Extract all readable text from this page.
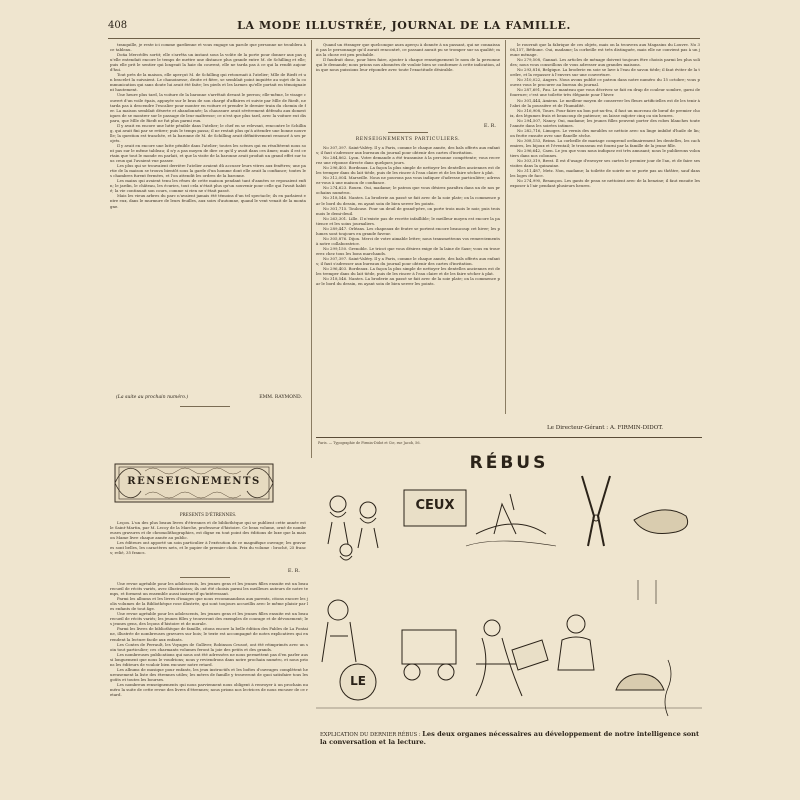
408	LA MODE ILLUSTRÉE, JOURNAL DE LA FAMILLE.

tranquille, je reste ici comme gardienne et vous engage un parole que personne ne troublera à ce tableau.

Doña Mercédès sortit; elle s'arrêta un instant sous la voûte de la porte pour donner aux pas qu'elle entendait encore le temps de mettre une distance plus grande entre M. de Schilling et elle; puis elle prit le sentier qui longeait la haie du couvent, elle ne tarda pas à ce qui la rendit aujourd'hui.

Tout près de la maison, elle aperçut M. de Schilling qui retournait à l'atelier; Mlle de Riedt et un bracelet la suivaient. Le chanoinesse, droite et fière, se semblait point inquiète au sujet de la communication qui sans doute lui avait été faite; les pieds et les larmes qu'elle portait en témoignaient hautement.

Une heure plus tard, la voiture de la baronne s'arrêtait devant le perron; elle-même, le visage couvert d'un voile épais, appuyée sur le bras de son chargé d'affaires et suivie par Mlle de Riedt, ne tarda pas à descendre l'escalier pour monter en voiture et prendre le dernier train du chemin de fer. La maison semblait déserte et abandonnée; la chaussure avait sévèrement défendu aux domestiques de se montrer sur le passage de leur maîtresse; ce n'est que plus tard, avec la voiture eut disparu, que Mlle de Riedt ne fut plus parmi eux.

Il y avait en encore une lutte pénible dans l'atelier; le chef en se relevant, rencontre le Schilling, qui avait fini par se retirer; puis le temps passa; il ne restait plus qu'à attendre une bonne nouvelle; la question est tranchée, et la baronne de M. de Schilling avait définitivement renoncé à ses projets.

Il y avait en encore une lutte pénible dans l'atelier; toutes les scènes qui en résultèrent nous sont pas sur le même tableau; il n'y a pas moyen de dire ce qu'il y avait dans ces âmes; mais il est certain que tout le monde en parlait, et que la visite de la baronne avait produit un grand effet sur tous ceux qui l'avaient vue passer.

Les plus qui se trouvaient derrière l'atelier avaient dû accuser leurs vitres aux fenêtres; une partie de la maison se trouva bientôt sous la garde d'un homme dont elle avait la confiance; toutes les chambres furent fermées, et l'on attendit les ordres de la baronne.

Les mains qui avaient tenu les rênes de cette maison pendant tant d'années se reposaient enfin; le jardin, le château, les écuries, tout cela n'était plus qu'un souvenir pour celle qui l'avait habité; la vie continuait son cours, comme si rien ne s'était passé.

Mais les vieux arbres du parc n'avaient jamais été témoins d'un tel spectacle; ils en parlaient entre eux, dans le murmure de leurs feuilles, aux soirs d'automne, quand le vent venait de la montagne.

(La suite au prochain numéro.)	EMM. RAYMOND.
RENSEIGNEMENTS
PRESENTS D'ÉTRENNES.

Leçon. L'un des plus beaux livres d'étrennes et de bibliothèque qui se publient cette année est le Saint-Martin, par M. Lecoy de la Marche, professeur d'histoire. Ce beau volume, orné de nombreuses gravures et de chromolithographies, est digne en tout point des éditions de luxe que la maison Mame livre chaque année au public.

Les éditeurs ont apporté un soin particulier à l'exécution de ce magnifique ouvrage; les gravures sont belles, les caractères nets, et le papier de premier choix. Prix du volume : broché, 25 francs; relié, 35 francs.

E. R.

Une revue agréable pour les adolescents, les jeunes gens et les jeunes filles ensuite est un beau recueil de récits variés, avec illustrations; ils ont été choisis parmi les meilleurs auteurs de notre temps, et forment un ensemble aussi instructif qu'intéressant.

Parmi les albums et les livres d'images que nous recommandons aux parents, citons encore les jolis volumes de la Bibliothèque rose illustrée, qui sont toujours accueillis avec le même plaisir par les enfants de tout âge.

Une revue agréable pour les adolescents, les jeunes gens et les jeunes filles ensuite est un beau recueil de récits variés; les jeunes filles y trouveront des exemples de courage et de dévouement; les jeunes gens, des leçons d'histoire et de morale.

Parmi les livres de bibliothèque de famille, citons encore la belle édition des Fables de La Fontaine, illustrée de nombreuses gravures sur bois; le texte est accompagné de notes explicatives qui en rendent la lecture facile aux enfants.

Les Contes de Perrault, les Voyages de Gulliver, Robinson Crusoé, ont été réimprimés avec un soin tout particulier; ces charmants volumes feront la joie des petits et des grands.

Les nombreuses publications qui nous ont été adressées ne nous permettent pas d'en parler aussi longuement que nous le voudrions; nous y reviendrons dans notre prochain numéro, et nous prions les éditeurs de vouloir bien excuser notre retard.

Les albums de musique pour enfants, les jeux instructifs et les boîtes d'ouvrages complètent heureusement la liste des étrennes utiles; les mères de famille y trouveront de quoi satisfaire tous les goûts et toutes les bourses.

Les nombreux renseignements qui nous parviennent nous obligent à renvoyer à un prochain numéro la suite de cette revue des livres d'étrennes; nous prions nos lectrices de nous excuser de ce retard.

Quand un étranger que quelconque aura aperçu à donnée à un passant, qui ne connaissait pas le personnage qu'il aurait rencontré, ce passant aurait pu se tromper sur sa qualité; mais la chose est peu probable.

Il faudrait donc, pour bien faire, ajouter à chaque renseignement le nom de la personne qui le demande; nous prions nos abonnées de vouloir bien se conformer à cette indication, afin que nous puissions leur répondre avec toute l'exactitude désirable.

E. R.
RENSEIGNEMENTS PARTICULIERS.

No 307,397. Saint-Valéry. Il y a Paris, comme le chaque année, des bals offerts aux enfants; il faut s'adresser aux bureaux du journal pour obtenir des cartes d'invitation.

No 284,862. Lyon. Votre demande a été transmise à la personne compétente; vous recevrez une réponse directe dans quelques jours.

No 296,403. Bordeaux. La façon la plus simple de nettoyer les dentelles anciennes est de les tremper dans du lait tiède, puis de les rincer à l'eau claire et de les faire sécher à plat.

No 312,004. Marseille. Nous ne pouvons pas vous indiquer d'adresse particulière; adressez-vous à une maison de confiance.

No 274,623. Rouen. Oui, madame; le patron que vous désirez paraîtra dans un de nos prochains numéros.

No 318,546. Nantes. La broderie au passé se fait avec de la soie plate; on la commence par le bord du dessin, en ayant soin de bien serrer les points.

No 301,715. Toulouse. Pour un deuil de grand-père, on porte trois mois le noir, puis trois mois le demi-deuil.

No 263,301. Lille. Il n'existe pas de recette infaillible; le meilleur moyen est encore la patience et les soins journaliers.

No 289,447. Orléans. Les chapeaux de feutre se portent encore beaucoup cet hiver; les plumes sont toujours en grande faveur.

No 305,876. Dijon. Merci de votre aimable lettre; nous transmettrons vos remerciements à notre collaboratrice.

No 299,150. Grenoble. Le tricot que vous désirez exige de la laine de Saxe; vous en trouverez chez tous les bons marchands.

No 307,397. Saint-Valéry. Il y a Paris, comme le chaque année, des bals offerts aux enfants; il faut s'adresser aux bureaux du journal pour obtenir des cartes d'invitation.

No 296,403. Bordeaux. La façon la plus simple de nettoyer les dentelles anciennes est de les tremper dans du lait tiède, puis de les rincer à l'eau claire et de les faire sécher à plat.

No 318,546. Nantes. La broderie au passé se fait avec de la soie plate; on la commence par le bord du dessin, en ayant soin de bien serrer les points.

le rouvrait que la fabrique de ces objets, mais on la trouvera aux Magasins du Louvre. No 306,157, Béthune. Oui, madame; la corbeille est très distinguée, mais elle ne convient pas à un jeune ménage.

No 279,508, Gannat. Les articles de ménage doivent toujours être choisis parmi les plus solides; nous vous conseillons de vous adresser aux grandes maisons.

No 293,816, Belgique. La broderie en soie se lave à l'eau de savon tiède; il faut éviter de la tordre, et la repasser à l'envers sur une couverture.

No 310,022, Angers. Nous avons publié ce patron dans notre numéro du 15 octobre; vous pouvez vous le procurer au bureau du journal.

No 287,691, Pau. Le manteau que vous décrivez se fait en drap de couleur sombre, garni de fourrure; c'est une toilette très élégante pour l'hiver.

No 301,444, Amiens. Le meilleur moyen de conserver les fleurs artificielles est de les tenir à l'abri de la poussière et de l'humidité.

No 316,908, Tours. Pour faire un bon pot-au-feu, il faut un morceau de bœuf de premier choix, des légumes frais et beaucoup de patience; on laisse mijoter cinq ou six heures.

No 294,507, Nancy. Oui, madame; les jeunes filles peuvent porter des robes blanches toute l'année dans les soirées intimes.

No 282,716, Limoges. Le vernis des meubles se nettoie avec un linge imbibé d'huile de lin; on frotte ensuite avec une flanelle sèche.

No 308,153, Reims. La corbeille de mariage comprend ordinairement les dentelles, les cachemires, les bijoux et l'éventail; le trousseau est fourni par la famille de la jeune fille.

No 296,642, Caen. Le jeu que vous nous indiquez est très amusant; nous le publierons volontiers dans nos colonnes.

No 303,319, Brest. Il est d'usage d'envoyer ses cartes le premier jour de l'an, et de faire ses visites dans la quinzaine.

No 311,487, Metz. Non, madame; la toilette de soirée ne se porte pas au théâtre, sauf dans les loges de face.

No 274,990, Besançon. Les gants de peau se nettoient avec de la benzine; il faut ensuite les exposer à l'air pendant plusieurs heures.

Le Directeur-Gérant : A. FIRMIN-DIDOT.
Paris. — Typographie de Firmin-Didot et Cie, rue Jacob, 56.
RÉBUS
CEUX
LE
EXPLICATION DU DERNIER RÉBUS : Les deux organes nécessaires au développement de notre intelligence sont la conversation et la lecture.
